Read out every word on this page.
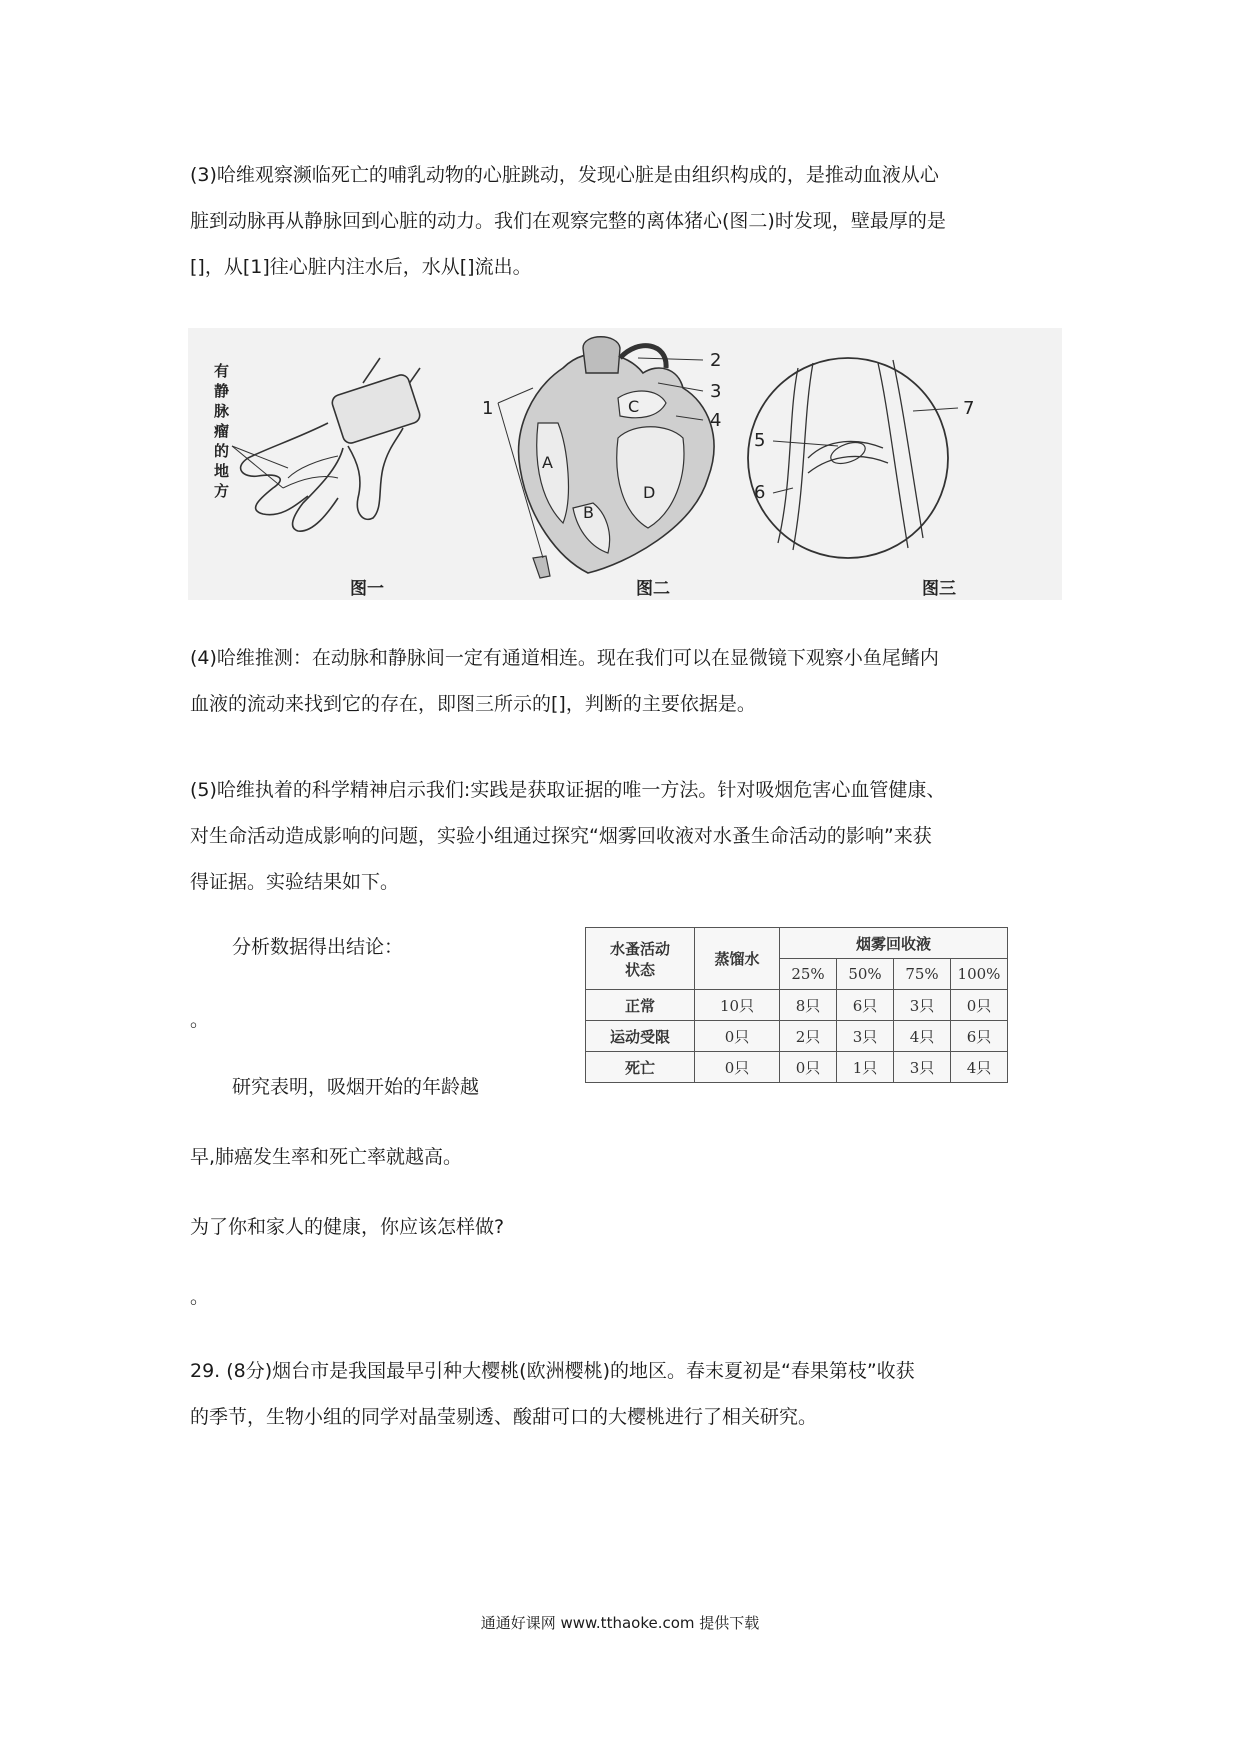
(3)哈维观察濒临死亡的哺乳动物的心脏跳动，发现心脏是由组织构成的，是推动血液从心
脏到动脉再从静脉回到心脏的动力。我们在观察完整的离体猪心(图二)时发现，壁最厚的是
[]，从[1]往心脏内注水后，水从[]流出。
有
静
脉
瘤
的
地
方
1
2
3
4
A
C
B
D
5
6
7
图一	图二	图三
(4)哈维推测：在动脉和静脉间一定有通道相连。现在我们可以在显微镜下观察小鱼尾鳍内
血液的流动来找到它的存在，即图三所示的[]，判断的主要依据是。
(5)哈维执着的科学精神启示我们:实践是获取证据的唯一方法。针对吸烟危害心血管健康、
对生命活动造成影响的问题，实验小组通过探究“烟雾回收液对水蚤生命活动的影响”来获
得证据。实验结果如下。
分析数据得出结论：
。
研究表明，吸烟开始的年龄越
早,肺癌发生率和死亡率就越高。
为了你和家人的健康，你应该怎样做?
。
水蚤活动
状态	蒸馏水	烟雾回收液			
		25%	50%	75%	100%
正常	10只	8只	6只	3只	0只
运动受限	0只	2只	3只	4只	6只
死亡	0只	0只	1只	3只	4只
29. (8分)烟台市是我国最早引种大樱桃(欧洲樱桃)的地区。春末夏初是“春果第枝”收获
的季节，生物小组的同学对晶莹剔透、酸甜可口的大樱桃进行了相关研究。
通通好课网 www.tthaoke.com 提供下载
